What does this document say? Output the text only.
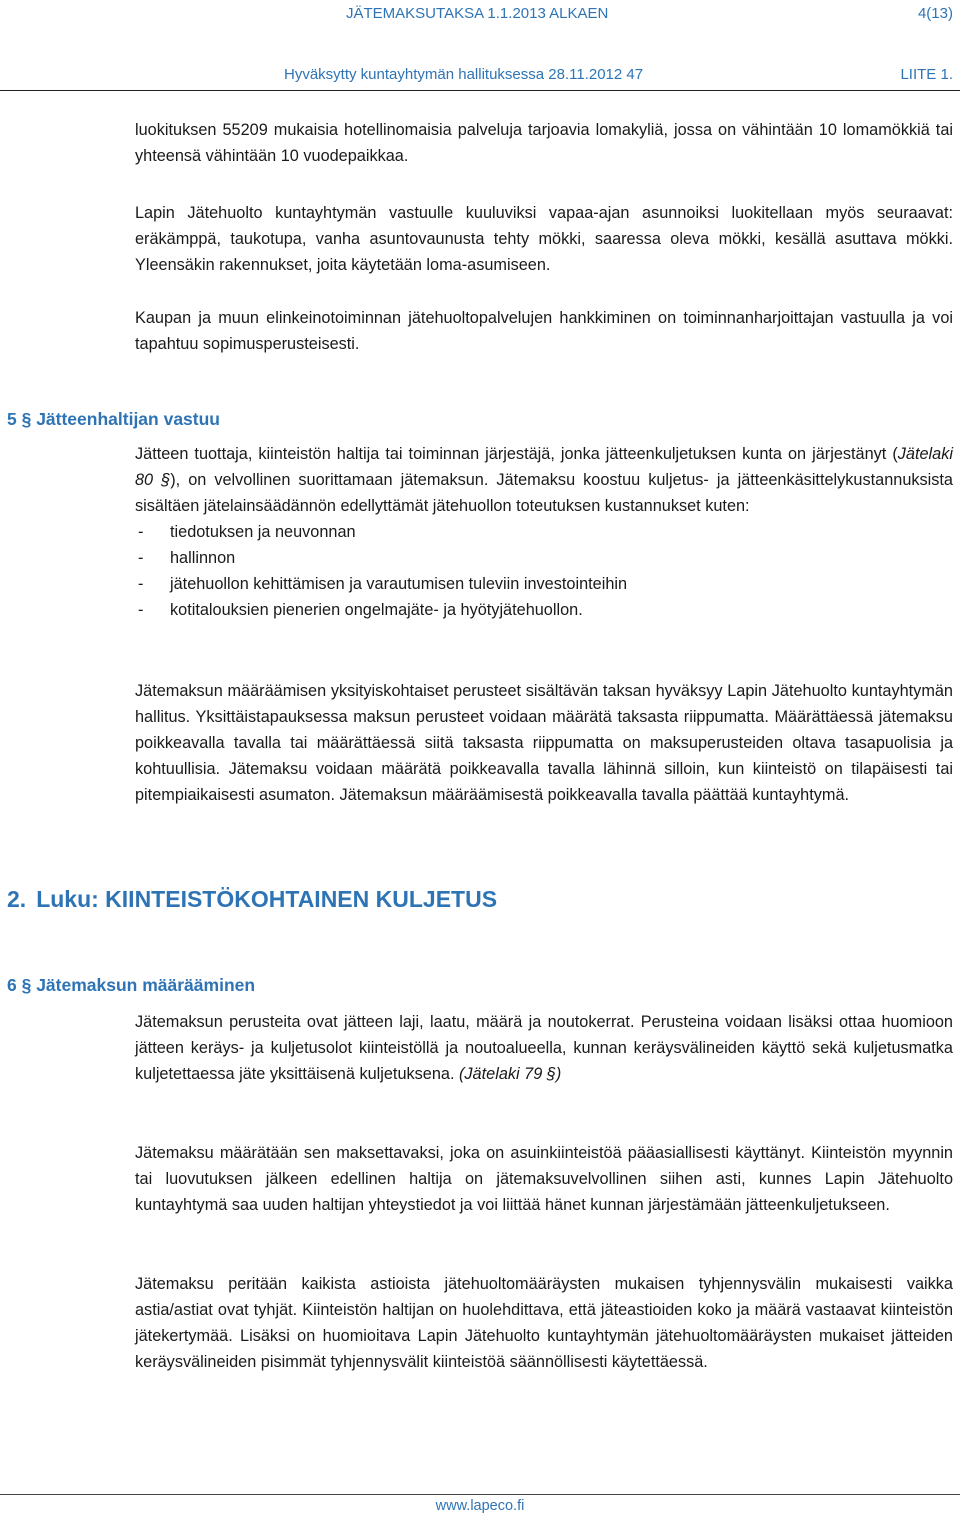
JÄTEMAKSUTAKSA 1.1.2013 ALKAEN	4(13)
Hyväksytty kuntayhtymän hallituksessa 28.11.2012 47	LIITE 1.

luokituksen 55209 mukaisia hotellinomaisia palveluja tarjoavia lomakyliä, jossa on vähintään 10 lomamökkiä tai yhteensä vähintään 10 vuodepaikkaa.

Lapin Jätehuolto kuntayhtymän vastuulle kuuluviksi vapaa-ajan asunnoiksi luokitellaan myös seuraavat: eräkämppä, taukotupa, vanha asuntovaunusta tehty mökki, saaressa oleva mökki, kesällä asuttava mökki. Yleensäkin rakennukset, joita käytetään loma-asumiseen.

Kaupan ja muun elinkeinotoiminnan jätehuoltopalvelujen hankkiminen on toiminnanharjoittajan vastuulla ja voi tapahtuu sopimusperusteisesti.

5 § Jätteenhaltijan vastuu
Jätteen tuottaja, kiinteistön haltija tai toiminnan järjestäjä, jonka jätteenkuljetuksen kunta on järjestänyt (Jätelaki 80 §), on velvollinen suorittamaan jätemaksun. Jätemaksu koostuu kuljetus- ja jätteenkäsittelykustannuksista sisältäen jätelainsäädännön edellyttämät jätehuollon toteutuksen kustannukset kuten:
- tiedotuksen ja neuvonnan
- hallinnon
- jätehuollon kehittämisen ja varautumisen tuleviin investointeihin
- kotitalouksien pienerien ongelmajäte- ja hyötyjätehuollon.

Jätemaksun määräämisen yksityiskohtaiset perusteet sisältävän taksan hyväksyy Lapin Jätehuolto kuntayhtymän hallitus. Yksittäistapauksessa maksun perusteet voidaan määrätä taksasta riippumatta. Määrättäessä jätemaksu poikkeavalla tavalla tai määrättäessä siitä taksasta riippumatta on maksuperusteiden oltava tasapuolisia ja kohtuullisia. Jätemaksu voidaan määrätä poikkeavalla tavalla lähinnä silloin, kun kiinteistö on tilapäisesti tai pitempiaikaisesti asumaton. Jätemaksun määräämisestä poikkeavalla tavalla päättää kuntayhtymä.

2. Luku: KIINTEISTÖKOHTAINEN KULJETUS
6 § Jätemaksun määrääminen

Jätemaksun perusteita ovat jätteen laji, laatu, määrä ja noutokerrat. Perusteina voidaan lisäksi ottaa huomioon jätteen keräys- ja kuljetusolot kiinteistöllä ja noutoalueella, kunnan keräysvälineiden käyttö sekä kuljetusmatka kuljetettaessa jäte yksittäisenä kuljetuksena. (Jätelaki 79 §)

Jätemaksu määrätään sen maksettavaksi, joka on asuinkiinteistöä pääasiallisesti käyttänyt. Kiinteistön myynnin tai luovutuksen jälkeen edellinen haltija on jätemaksuvelvollinen siihen asti, kunnes Lapin Jätehuolto kuntayhtymä saa uuden haltijan yhteystiedot ja voi liittää hänet kunnan järjestämään jätteenkuljetukseen.

Jätemaksu peritään kaikista astioista jätehuoltomääräysten mukaisen tyhjennysvälin mukaisesti vaikka astia/astiat ovat tyhjät. Kiinteistön haltijan on huolehdittava, että jäteastioiden koko ja määrä vastaavat kiinteistön jätekertymää. Lisäksi on huomioitava Lapin Jätehuolto kuntayhtymän jätehuoltomääräysten mukaiset jätteiden keräysvälineiden pisimmät tyhjennysvälit kiinteistöä säännöllisesti käytettäessä.

www.lapeco.fi
